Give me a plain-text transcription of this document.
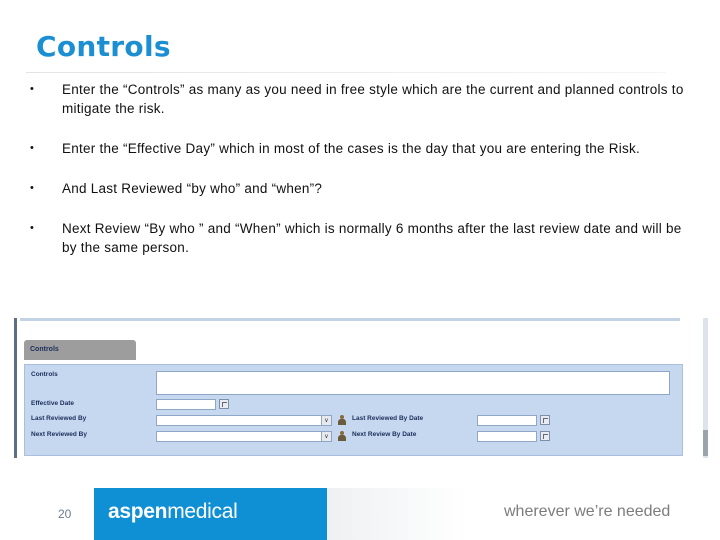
Controls
• Enter the “Controls” as many as you need in free style which are the current and planned controls to mitigate the risk.
• Enter the “Effective Day” which in most of the cases is the day that you are entering the Risk.
• And Last Reviewed “by who” and “when”?
• Next Review “By who ” and “When” which is normally 6 months after the last review date and will be by the same person.
Controls
Controls
Effective Date
Last Reviewed By	∨	Last Reviewed By Date
Next Reviewed By	∨	Next Review By Date
20 aspenmedical	wherever we’re needed
